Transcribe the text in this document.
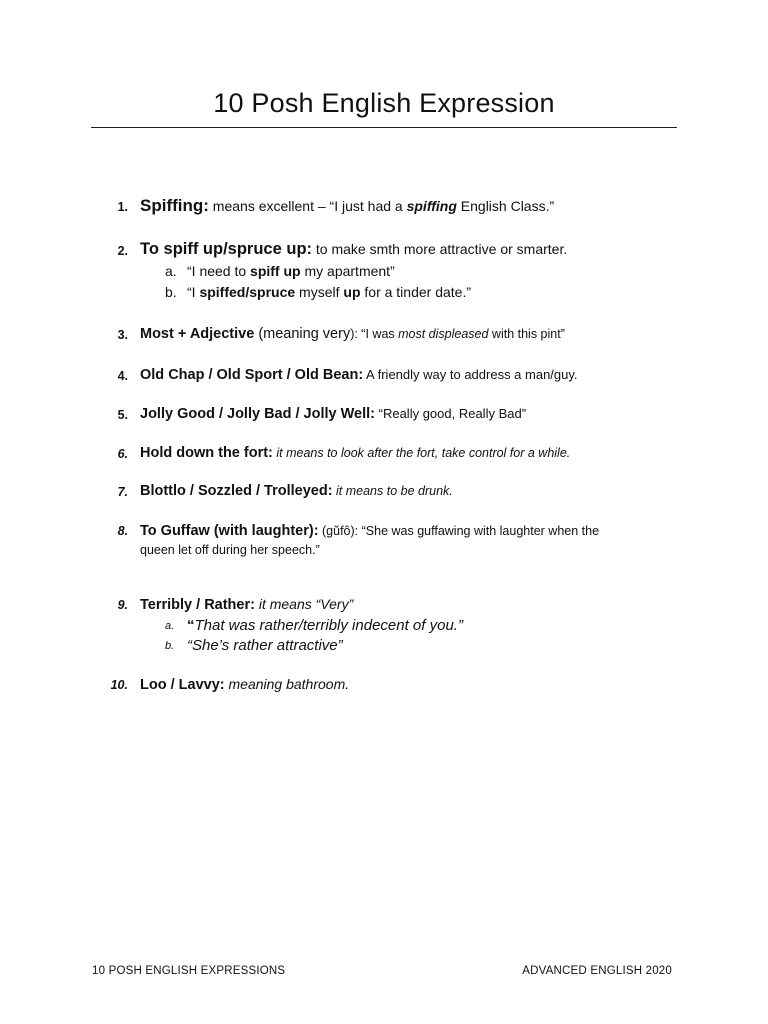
10 Posh English Expression
1. Spiffing: means excellent – “I just had a spiffing English Class.”
2. To spiff up/spruce up: to make smth more attractive or smarter.
a. “I need to spiff up my apartment”
b. “I spiffed/spruce myself up for a tinder date.”
3. Most + Adjective (meaning very): “I was most displeased with this pint”
4. Old Chap / Old Sport / Old Bean: A friendly way to address a man/guy.
5. Jolly Good / Jolly Bad / Jolly Well: “Really good, Really Bad”
6. Hold down the fort: it means to look after the fort, take control for a while.
7. Blottlo / Sozzled / Trolleyed: it means to be drunk.
8. To Guffaw (with laughter): (gŭfô): “She was guffawing with laughter when the
queen let off during her speech.”
9. Terribly / Rather: it means “Very”
a. “That was rather/terribly indecent of you.”
b. “She’s rather attractive”
10. Loo / Lavvy: meaning bathroom.
10 POSH ENGLISH EXPRESSIONS	ADVANCED ENGLISH 2020
